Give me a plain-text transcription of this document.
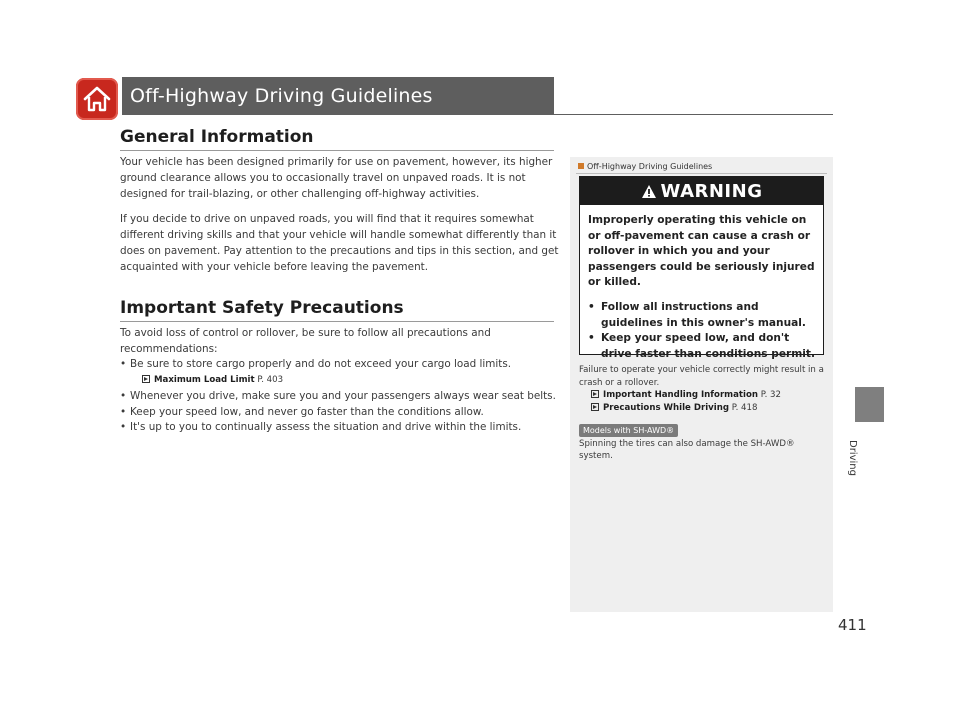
Off-Highway Driving Guidelines
General Information

Your vehicle has been designed primarily for use on pavement, however, its higher ground clearance allows you to occasionally travel on unpaved roads. It is not designed for trail-blazing, or other challenging off-highway activities.

If you decide to drive on unpaved roads, you will find that it requires somewhat different driving skills and that your vehicle will handle somewhat differently than it does on pavement. Pay attention to the precautions and tips in this section, and get acquainted with your vehicle before leaving the pavement.

Important Safety Precautions
To avoid loss of control or rollover, be sure to follow all precautions and recommendations:
• Be sure to store cargo properly and do not exceed your cargo load limits.
Maximum Load Limit P. 403
• Whenever you drive, make sure you and your passengers always wear seat belts.
• Keep your speed low, and never go faster than the conditions allow.
• It's up to you to continually assess the situation and drive within the limits.
Off-Highway Driving Guidelines
WARNING
Improperly operating this vehicle on or off-pavement can cause a crash or rollover in which you and your passengers could be seriously injured or killed.
• Follow all instructions and guidelines in this owner's manual.
• Keep your speed low, and don't drive faster than conditions permit.
Failure to operate your vehicle correctly might result in a crash or a rollover.
Important Handling Information P. 32
Precautions While Driving P. 418
Models with SH-AWD®
Spinning the tires can also damage the SH-AWD® system.	Driving
411
